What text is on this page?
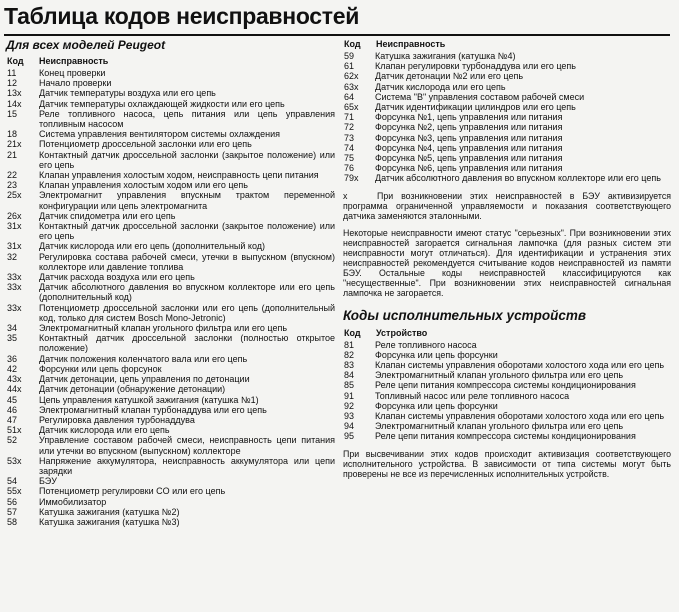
Таблица кодов неисправностей
Для всех моделей Peugeot
Код	Неисправность
11	Конец проверки
12	Начало проверки
13x	Датчик температуры воздуха или его цепь
14x	Датчик температуры охлаждающей жидкости или его цепь
15	Реле топливного насоса, цепь питания или цепь управления топливным насосом
18	Система управления вентилятором системы охлаждения
21x	Потенциометр дроссельной заслонки или его цепь
21	Контактный датчик дроссельной заслонки (закрытое положение) или его цепь
22	Клапан управления холостым ходом, неисправность цепи питания
23	Клапан управления холостым ходом или его цепь
25x	Электромагнит управления впускным трактом переменной конфигурации или цепь электромагнита
26x	Датчик спидометра или его цепь
31x	Контактный датчик дроссельной заслонки (закрытое положение) или его цепь
31x	Датчик кислорода или его цепь (дополнительный код)
32	Регулировка состава рабочей смеси, утечки в выпускном (впускном) коллекторе или давление топлива
33x	Датчик расхода воздуха или его цепь
33x	Датчик абсолютного давления во впускном коллекторе или его цепь (дополнительный код)
33x	Потенциометр дроссельной заслонки или его цепь (дополнительный код, только для систем Bosch Mono-Jetronic)
34	Электромагнитный клапан угольного фильтра или его цепь
35	Контактный датчик дроссельной заслонки (полностью открытое положение)
36	Датчик положения коленчатого вала или его цепь
42	Форсунки или цепь форсунок
43x	Датчик детонации, цепь управления по детонации
44x	Датчик детонации (обнаружение детонации)
45	Цепь управления катушкой зажигания (катушка №1)
46	Электромагнитный клапан турбонаддува или его цепь
47	Регулировка давления турбонаддува
51x	Датчик кислорода или его цепь
52	Управление составом рабочей смеси, неисправность цепи питания или утечки во впускном (выпускном) коллекторе
53x	Напряжение аккумулятора, неисправность аккумулятора или цепи зарядки
54	БЭУ
55x	Потенциометр регулировки CO или его цепь
56	Иммобилизатор
57	Катушка зажигания (катушка №2)
58	Катушка зажигания (катушка №3)
Код	Неисправность
59	Катушка зажигания (катушка №4)
61	Клапан регулировки турбонаддува или его цепь
62x	Датчик детонации №2 или его цепь
63x	Датчик кислорода или его цепь
64	Система "В" управления составом рабочей смеси
65x	Датчик идентификации цилиндров или его цепь
71	Форсунка №1, цепь управления или питания
72	Форсунка №2, цепь управления или питания
73	Форсунка №3, цепь управления или питания
74	Форсунка №4, цепь управления или питания
75	Форсунка №5, цепь управления или питания
76	Форсунка №6, цепь управления или питания
79x	Датчик абсолютного давления во впускном коллекторе или его цепь
x	При возникновении этих неисправностей в БЭУ активизируется программа ограниченной управляемости и показания соответствующего датчика заменяются эталонными.
Некоторые неисправности имеют статус "серьезных". При возникновении этих неисправностей загорается сигнальная лампочка (для разных систем эти неисправности могут отличаться). Для идентификации и устранения этих неисправностей рекомендуется считывание кодов неисправностей из памяти БЭУ. Остальные коды неисправностей классифицируются как "несущественные". При возникновении этих неисправностей сигнальная лампочка не загорается.
Коды исполнительных устройств
Код	Устройство
81	Реле топливного насоса
82	Форсунка или цепь форсунки
83	Клапан системы управления оборотами холостого хода или его цепь
84	Электромагнитный клапан угольного фильтра или его цепь
85	Реле цепи питания компрессора системы кондиционирования
91	Топливный насос или реле топливного насоса
92	Форсунка или цепь форсунки
93	Клапан системы управления оборотами холостого хода или его цепь
94	Электромагнитный клапан угольного фильтра или его цепь
95	Реле цепи питания компрессора системы кондиционирования
При высвечивании этих кодов происходит активизация соответствующего исполнительного устройства. В зависимости от типа системы могут быть проверены не все из перечисленных исполнительных устройств.
